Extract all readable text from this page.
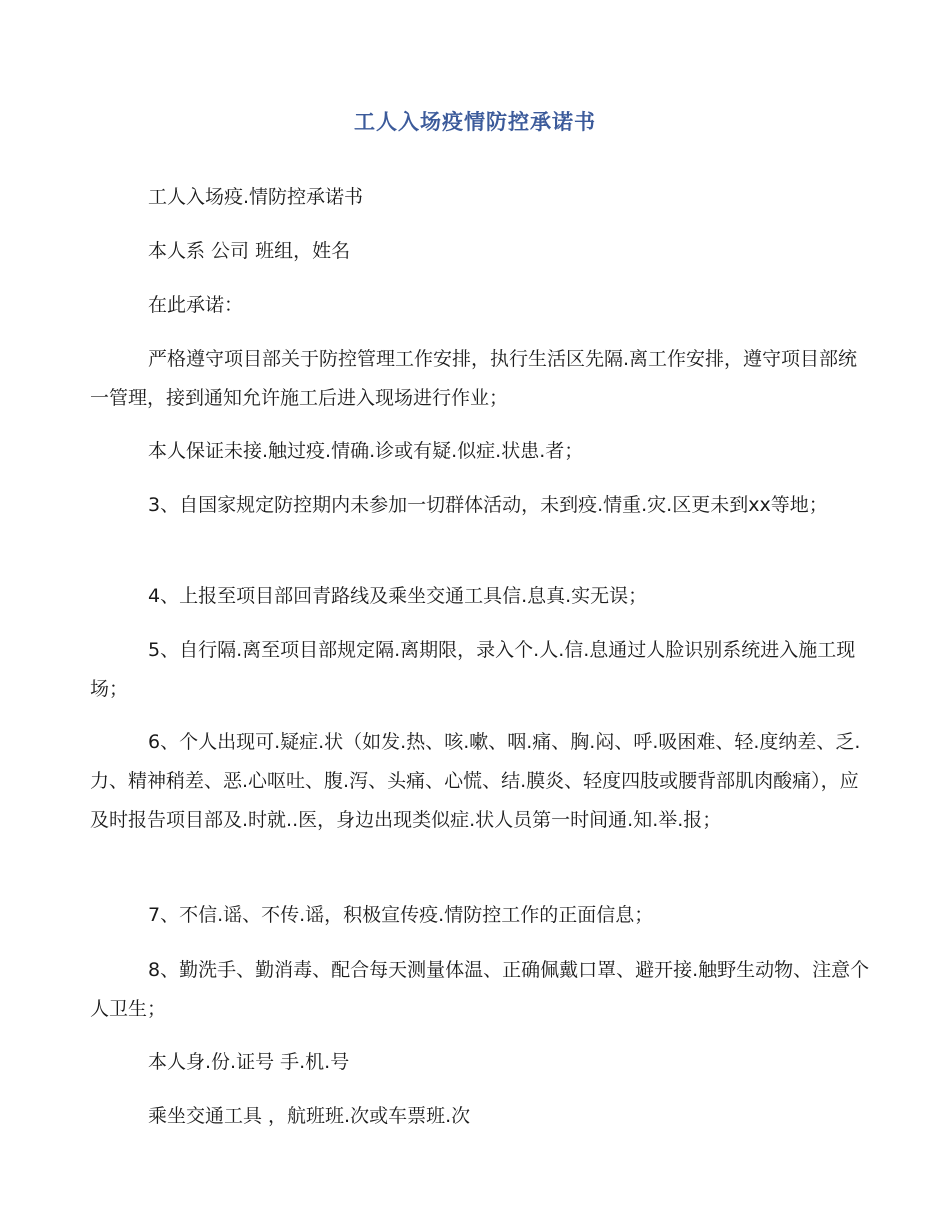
工人入场疫情防控承诺书
工人入场疫.情防控承诺书
本人系 公司 班组，姓名
在此承诺：
严格遵守项目部关于防控管理工作安排，执行生活区先隔.离工作安排，遵守项目部统一管理，接到通知允许施工后进入现场进行作业；
本人保证未接.触过疫.情确.诊或有疑.似症.状患.者；
3、自国家规定防控期内未参加一切群体活动，未到疫.情重.灾.区更未到xx等地；
4、上报至项目部回青路线及乘坐交通工具信.息真.实无误；
5、自行隔.离至项目部规定隔.离期限，录入个.人.信.息通过人脸识别系统进入施工现场；
6、个人出现可.疑症.状（如发.热、咳.嗽、咽.痛、胸.闷、呼.吸困难、轻.度纳差、乏.力、精神稍差、恶.心呕吐、腹.泻、头痛、心慌、结.膜炎、轻度四肢或腰背部肌肉酸痛），应及时报告项目部及.时就..医，身边出现类似症.状人员第一时间通.知.举.报；
7、不信.谣、不传.谣，积极宣传疫.情防控工作的正面信息；
8、勤洗手、勤消毒、配合每天测量体温、正确佩戴口罩、避开接.触野生动物、注意个人卫生；
本人身.份.证号 手.机.号
乘坐交通工具 ，航班班.次或车票班.次
